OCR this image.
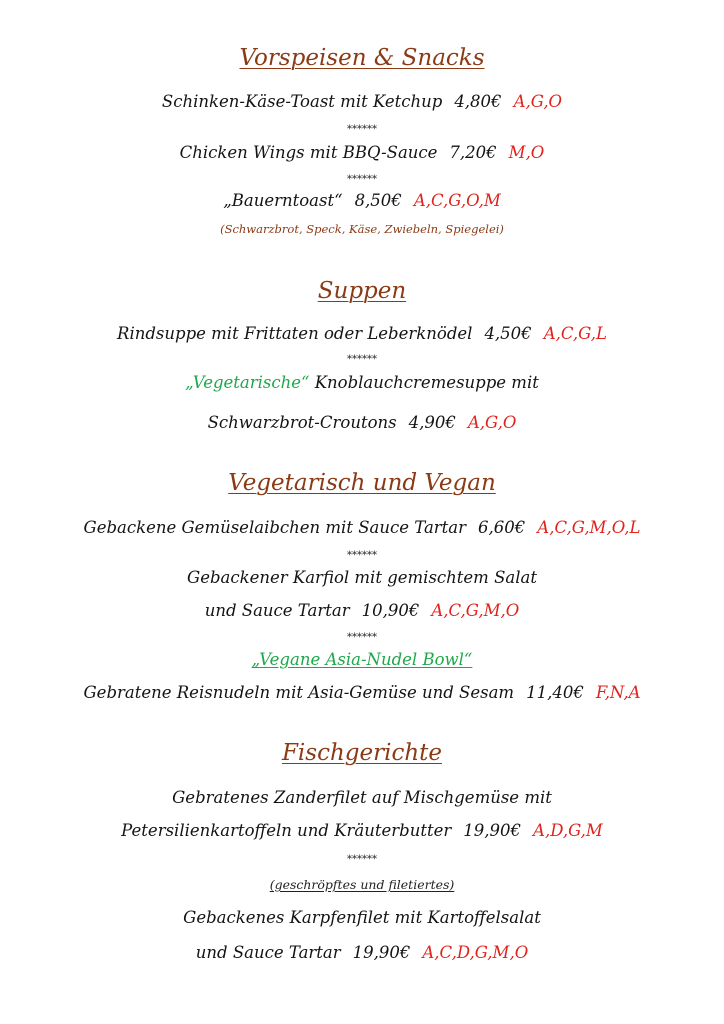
Vorspeisen & Snacks
Schinken-Käse-Toast mit Ketchup 4,80€ A,G,O
******
Chicken Wings mit BBQ-Sauce 7,20€ M,O
******
„Bauerntoast“ 8,50€ A,C,G,O,M
(Schwarzbrot, Speck, Käse, Zwiebeln, Spiegelei)
Suppen
Rindsuppe mit Frittaten oder Leberknödel 4,50€ A,C,G,L
******
„Vegetarische“ Knoblauchcremesuppe mit
Schwarzbrot-Croutons 4,90€ A,G,O
Vegetarisch und Vegan
Gebackene Gemüselaibchen mit Sauce Tartar 6,60€ A,C,G,M,O,L
******
Gebackener Karfiol mit gemischtem Salat
und Sauce Tartar 10,90€ A,C,G,M,O
******
„Vegane Asia-Nudel Bowl“
Gebratene Reisnudeln mit Asia-Gemüse und Sesam 11,40€ F,N,A
Fischgerichte
Gebratenes Zanderfilet auf Mischgemüse mit
Petersilienkartoffeln und Kräuterbutter 19,90€ A,D,G,M
******
(geschröpftes und filetiertes)
Gebackenes Karpfenfilet mit Kartoffelsalat
und Sauce Tartar 19,90€ A,C,D,G,M,O
